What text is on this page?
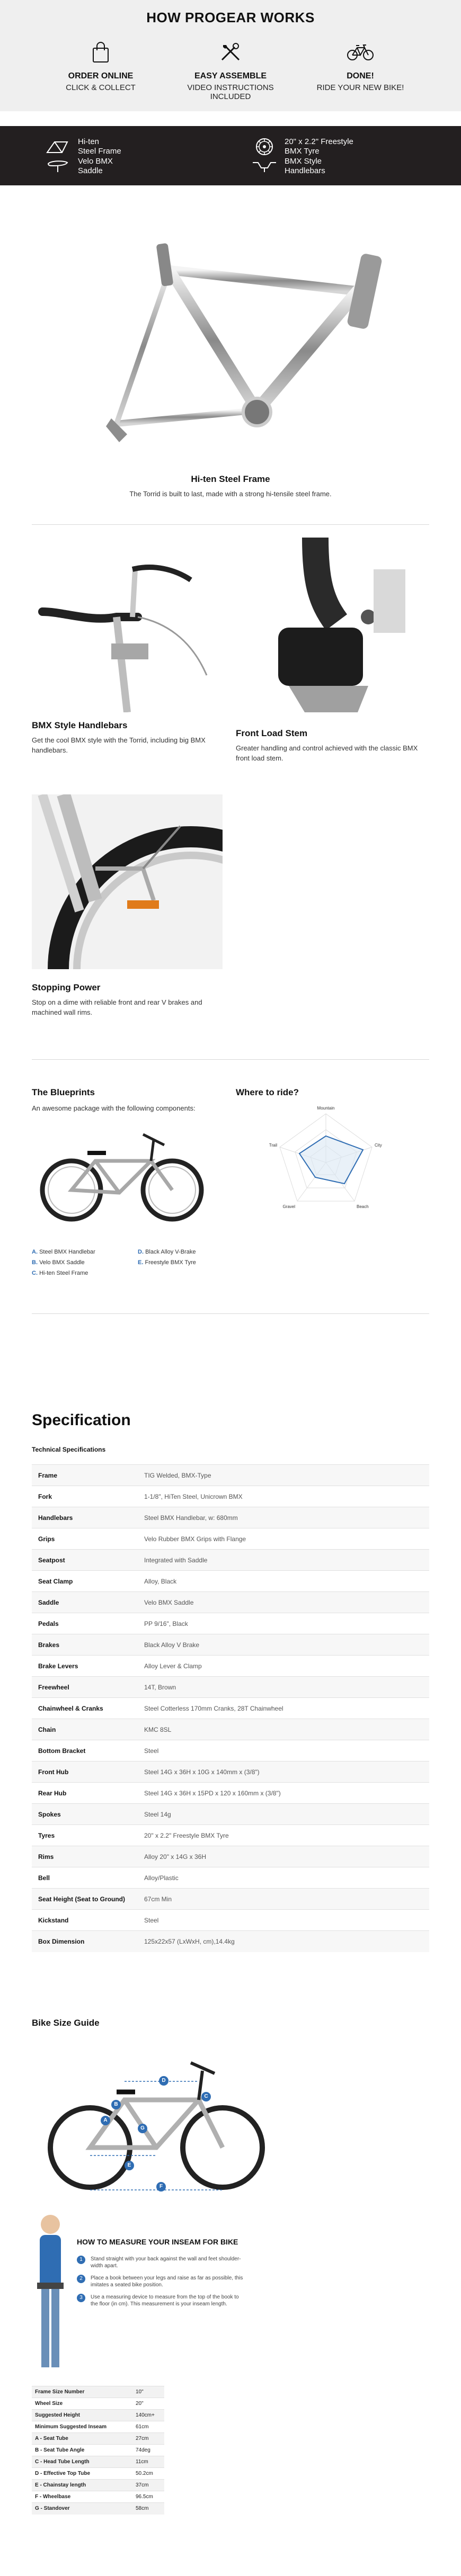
HOW PROGEAR WORKS
ORDER ONLINE
CLICK & COLLECT
EASY ASSEMBLE
VIDEO INSTRUCTIONS INCLUDED
DONE!
RIDE YOUR NEW BIKE!
Hi-ten
Steel Frame
20" x 2.2" Freestyle
BMX Tyre
Velo BMX
Saddle
BMX Style
Handlebars
Hi-ten Steel Frame
The Torrid is built to last, made with a strong hi-tensile steel frame.
BMX Style Handlebars
Get the cool BMX style with the Torrid, including big BMX handlebars.
Front Load Stem
Greater handling and control achieved with the classic BMX front load stem.
Stopping Power
Stop on a dime with reliable front and rear V brakes and machined wall rims.
The Blueprints
An awesome package with the following components:
A. Steel BMX Handlebar
B. Velo BMX Saddle
C. Hi-ten Steel Frame
D. Black Alloy V-Brake
E. Freestyle BMX Tyre
Where to ride?
Mountain
City
Beach
Gravel
Trail
Specification
Technical Specifications
Frame	TIG Welded, BMX-Type
Fork	1-1/8", HiTen Steel, Unicrown BMX
Handlebars	Steel BMX Handlebar, w: 680mm
Grips	Velo Rubber BMX Grips with Flange
Seatpost	Integrated with Saddle
Seat Clamp	Alloy, Black
Saddle	Velo BMX Saddle
Pedals	PP 9/16", Black
Brakes	Black Alloy V Brake
Brake Levers	Alloy Lever & Clamp
Freewheel	14T, Brown
Chainwheel & Cranks	Steel Cotterless 170mm Cranks, 28T Chainwheel
Chain	KMC 8SL
Bottom Bracket	Steel
Front Hub	Steel 14G x 36H x 10G x 140mm x (3/8")
Rear Hub	Steel 14G x 36H x 15PD x 120 x 160mm x (3/8")
Spokes	Steel 14g
Tyres	20" x 2.2" Freestyle BMX Tyre
Rims	Alloy 20" x 14G x 36H
Bell	Alloy/Plastic
Seat Height (Seat to Ground)	67cm Min
Kickstand	Steel
Box Dimension	125x22x57 (LxWxH, cm),14.4kg
Bike Size Guide
A
B
C
D
E
F
G
HOW TO MEASURE YOUR INSEAM FOR BIKE
1	Stand straight with your back against the wall and feet shoulder-width apart.
2	Place a book between your legs and raise as far as possible, this imitates a seated bike position.
3	Use a measuring device to measure from the top of the book to the floor (in cm). This measurement is your inseam length.
Frame Size Number	10"
Wheel Size	20"
Suggested Height	140cm+
Minimum Suggested Inseam	61cm
A - Seat Tube	27cm
B - Seat Tube Angle	74deg
C - Head Tube Length	11cm
D - Effective Top Tube	50.2cm
E - Chainstay length	37cm
F - Wheelbase	96.5cm
G - Standover	58cm
